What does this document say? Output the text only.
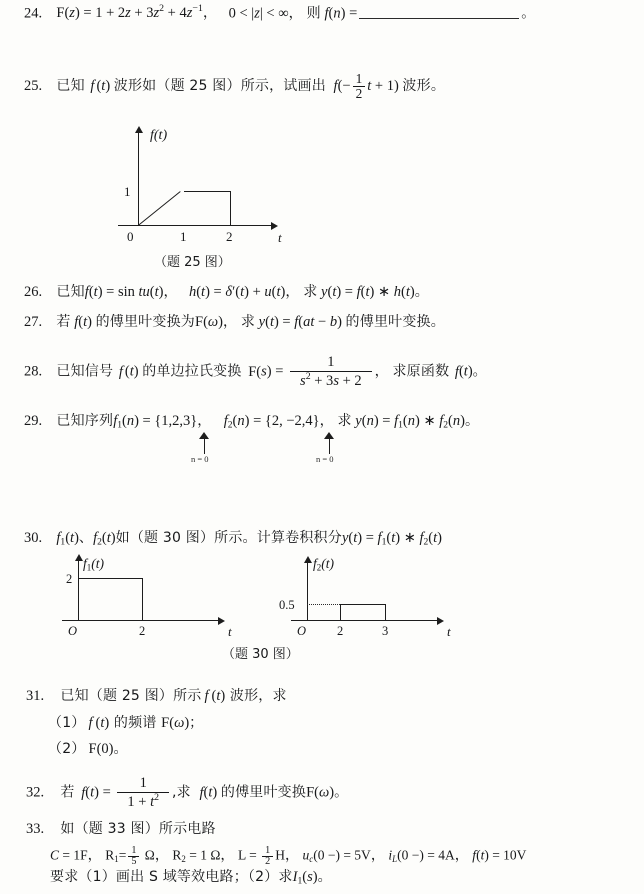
24. $F(z) = 1 + 2z + 3z^2 + 4z^{-1}$， 0 < |z| < ∞， 则 f(n) =	。
25. 已知 f (t) 波形如（题 25 图）所示，试画出 $f(- \frac{1}{2}$ t + 1) 波形。
f(t)
t
1
0	1	2
（题 25 图）
26. 已知f(t) = sin tu(t)， h(t) = δ′(t) + u(t)， 求 y(t) = f(t) ∗ h(t)。
27. 若 f(t) 的傅里叶变换为F(ω)， 求 y(t) = f(at − b) 的傅里叶变换。
28. 已知信号 f (t) 的单边拉氏变换 $F(s) = \frac{1}{s^2 + 3s + 2}$ ， 求原函数 f(t)。
29. 已知序列$f_1(n) = \{1,2,3\}$， $f_2(n) = \{2$, −2,4}， 求 $y(n) = f_1(n)$ ∗ $f_2(n)$。
n = 0	n = 0
30. $f_1(t)$、$f_2(t)$如（题 30 图）所示。计算卷积积分$y(t) = f_1(t)$ ∗ $f_2(t)$
$f_1(t)$
t
2
O	2
$f_2(t)$
t
0.5
O 2	3
（题 30 图）
31. 已知（题 25 图）所示 f (t) 波形，求
（1） f (t) 的频谱 F(ω)；
（2） F(0)。
32. 若 $f(t) = \frac{1}{1 + t^2}$ ,求 f(t) 的傅里叶变换F(ω)。
33. 如（题 33 图）所示电路
C = 1F， $R_1= \frac{1}{5}$ Ω， $R_2 = 1$ Ω， $L = \frac{1}{2}$ H， $u_c(0$ −) = 5V， $i_L(0$ −) = 4A， f(t) = 10V
要求（1）画出 S 域等效电路；（2）求$I_1(s)$。
